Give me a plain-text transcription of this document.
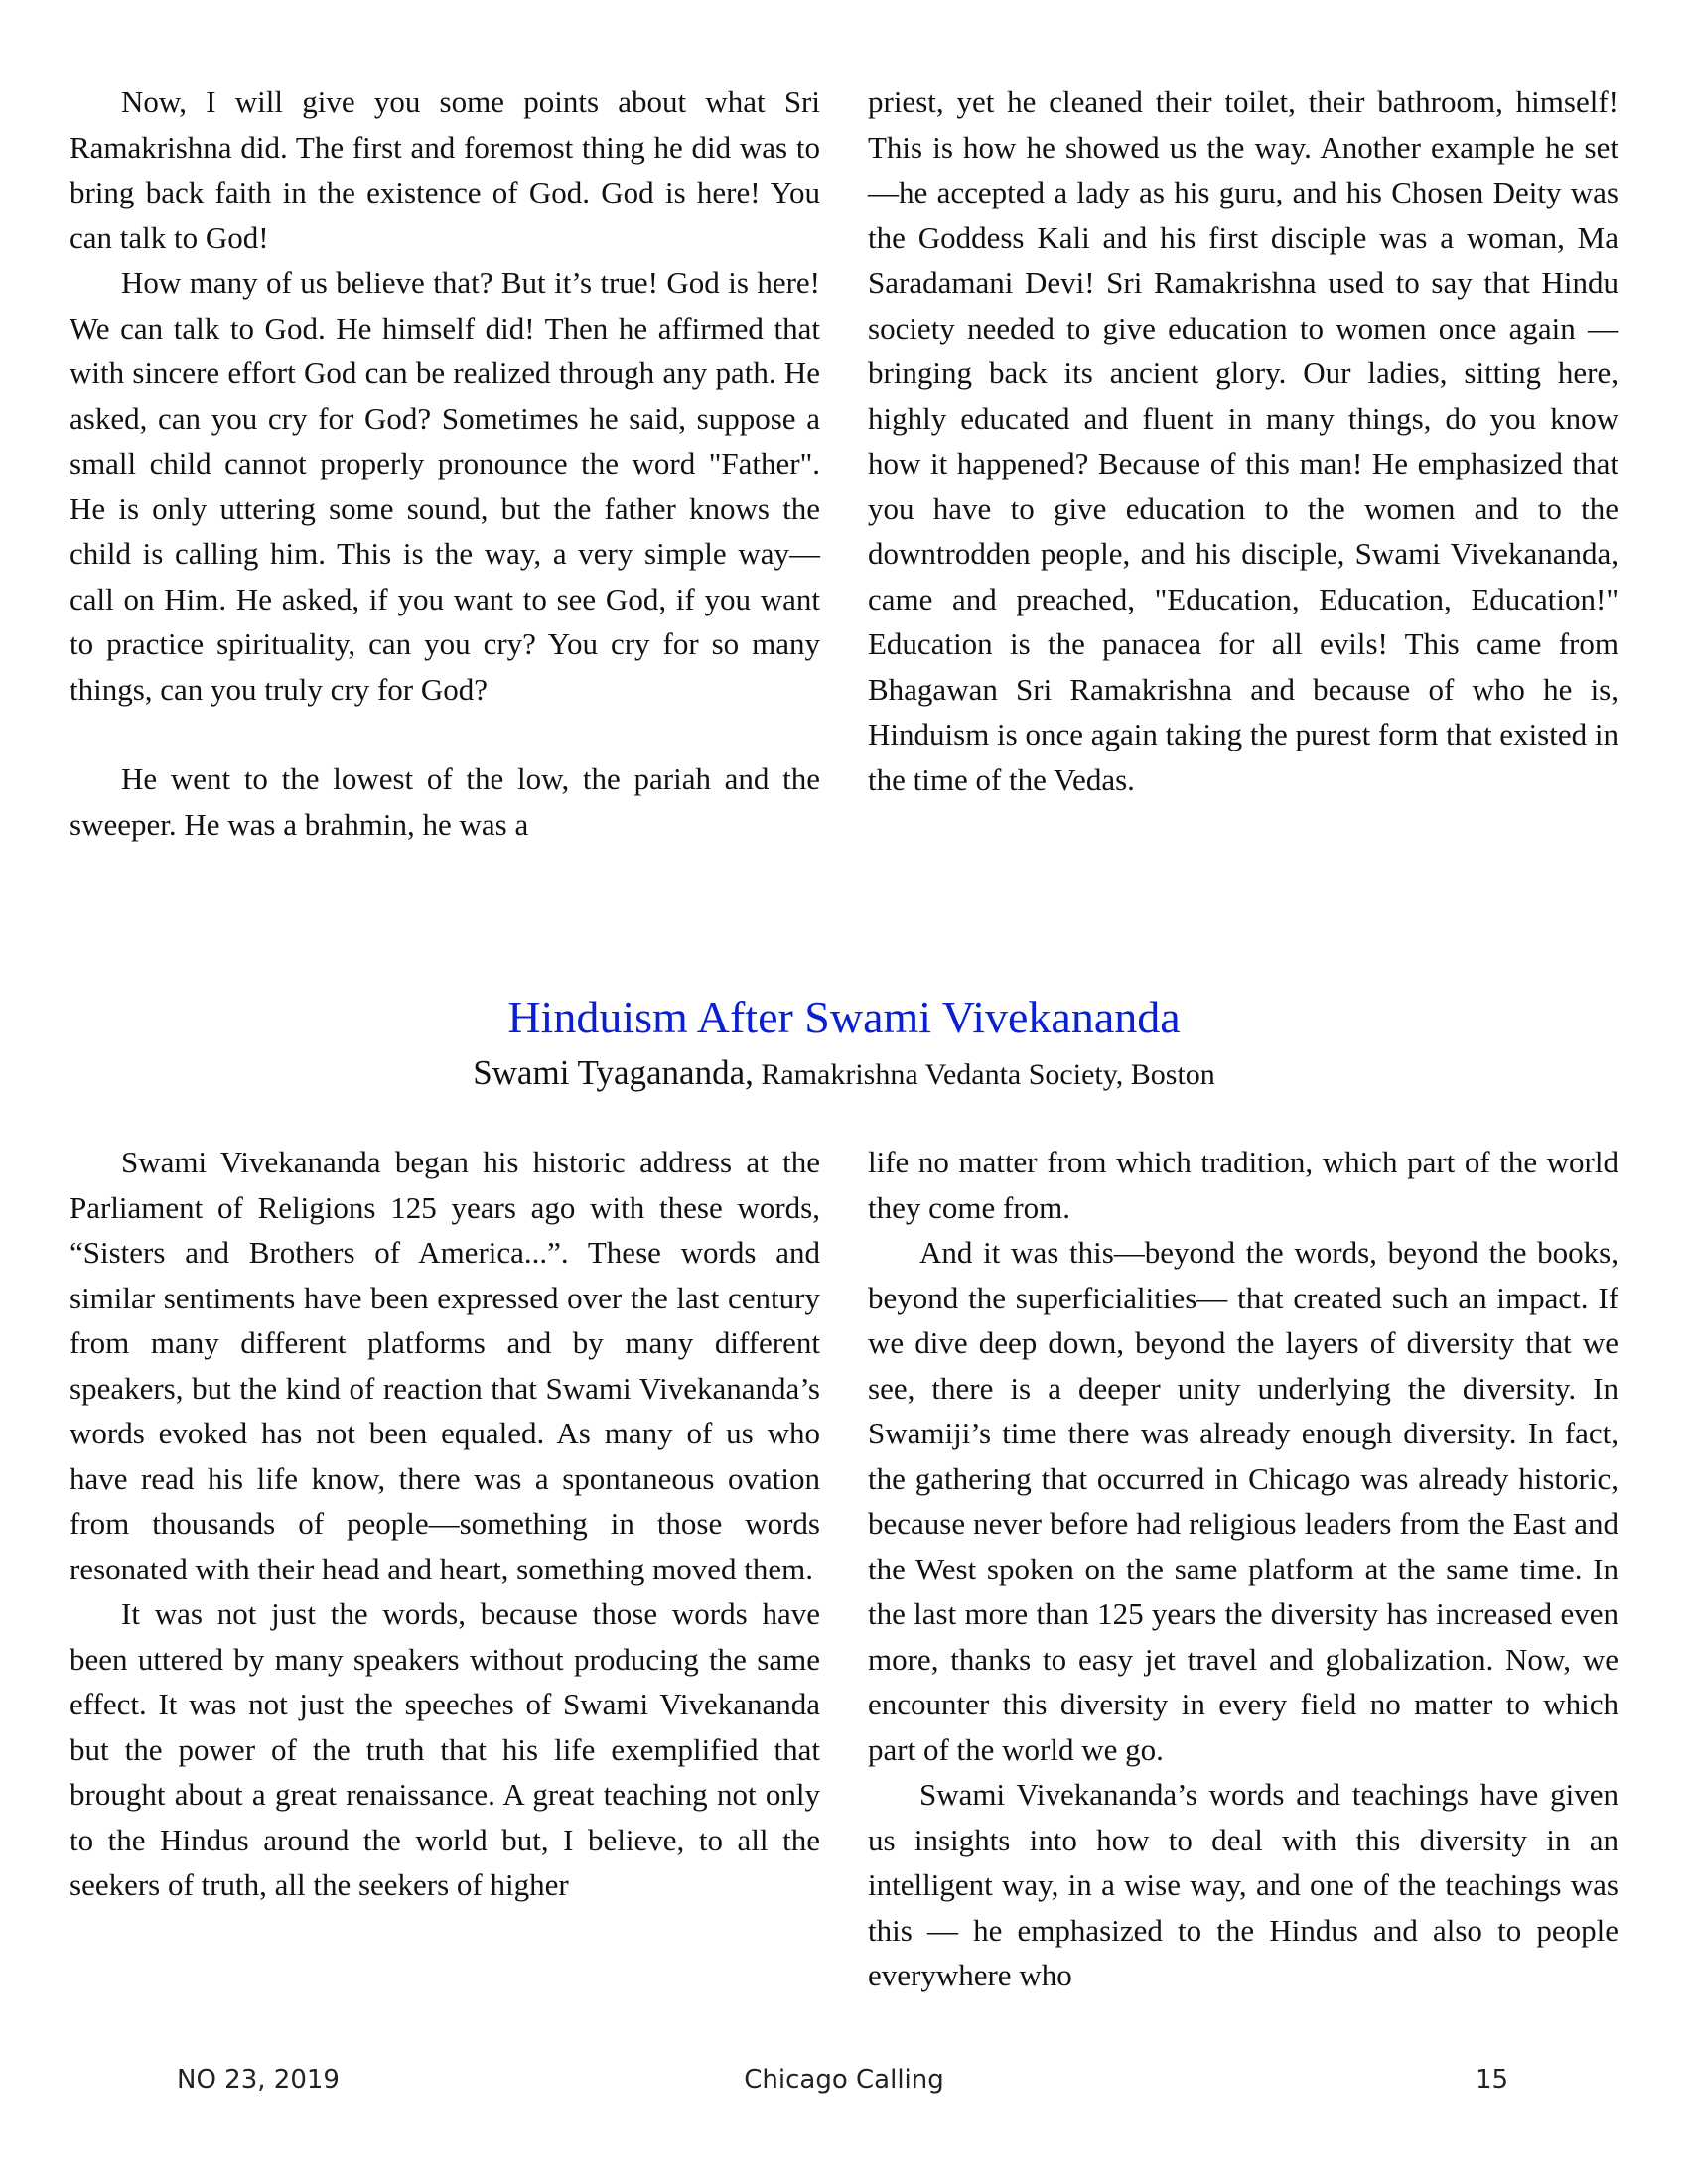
Now, I will give you some points about what Sri Ramakrishna did. The first and foremost thing he did was to bring back faith in the existence of God. God is here! You can talk to God!

How many of us believe that? But it’s true! God is here! We can talk to God. He himself did! Then he affirmed that with sincere effort God can be realized through any path. He asked, can you cry for God? Sometimes he said, suppose a small child cannot properly pronounce the word "Father". He is only uttering some sound, but the father knows the child is calling him. This is the way, a very simple way—call on Him. He asked, if you want to see God, if you want to practice spirituality, can you cry? You cry for so many things, can you truly cry for God?

He went to the lowest of the low, the pariah and the sweeper. He was a brahmin, he was a

priest, yet he cleaned their toilet, their bathroom, himself! This is how he showed us the way. Another example he set—he accepted a lady as his guru, and his Chosen Deity was the Goddess Kali and his first disciple was a woman, Ma Saradamani Devi! Sri Ramakrishna used to say that Hindu society needed to give education to women once again — bringing back its ancient glory. Our ladies, sitting here, highly educated and fluent in many things, do you know how it happened? Because of this man! He emphasized that you have to give education to the women and to the downtrodden people, and his disciple, Swami Vivekananda, came and preached, "Education, Education, Education!" Education is the panacea for all evils! This came from Bhagawan Sri Ramakrishna and because of who he is, Hinduism is once again taking the purest form that existed in the time of the Vedas.

Hinduism After Swami Vivekananda
Swami Tyagananda, Ramakrishna Vedanta Society, Boston

Swami Vivekananda began his historic address at the Parliament of Religions 125 years ago with these words, “Sisters and Brothers of America...”. These words and similar sentiments have been expressed over the last century from many different platforms and by many different speakers, but the kind of reaction that Swami Vivekananda’s words evoked has not been equaled. As many of us who have read his life know, there was a spontaneous ovation from thousands of people—something in those words resonated with their head and heart, something moved them.

It was not just the words, because those words have been uttered by many speakers without producing the same effect. It was not just the speeches of Swami Vivekananda but the power of the truth that his life exemplified that brought about a great renaissance. A great teaching not only to the Hindus around the world but, I believe, to all the seekers of truth, all the seekers of higher

life no matter from which tradition, which part of the world they come from.

And it was this—beyond the words, beyond the books, beyond the superficialities— that created such an impact. If we dive deep down, beyond the layers of diversity that we see, there is a deeper unity underlying the diversity. In Swamiji’s time there was already enough diversity. In fact, the gathering that occurred in Chicago was already historic, because never before had religious leaders from the East and the West spoken on the same platform at the same time. In the last more than 125 years the diversity has increased even more, thanks to easy jet travel and globalization. Now, we encounter this diversity in every field no matter to which part of the world we go.

Swami Vivekananda’s words and teachings have given us insights into how to deal with this diversity in an intelligent way, in a wise way, and one of the teachings was this — he emphasized to the Hindus and also to people everywhere who

NO 23, 2019	Chicago Calling	15
